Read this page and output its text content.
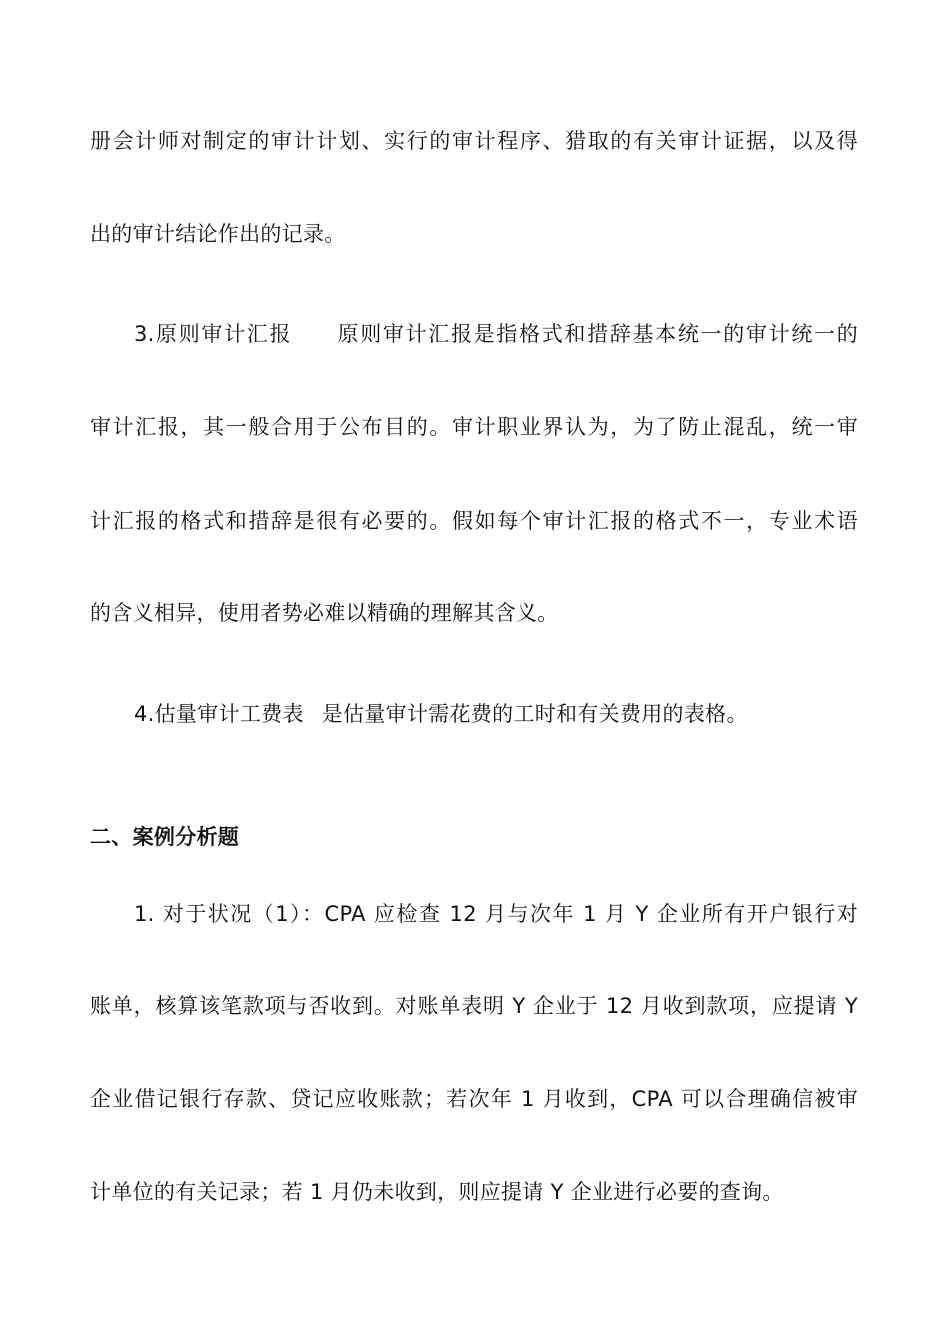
册会计师对制定的审计计划、实行的审计程序、猎取的有关审计证据，以及得
出的审计结论作出的记录。
3.原则审计汇报 原则审计汇报是指格式和措辞基本统一的审计统一的
审计汇报，其一般合用于公布目的。审计职业界认为，为了防止混乱，统一审
计汇报的格式和措辞是很有必要的。假如每个审计汇报的格式不一，专业术语
的含义相异，使用者势必难以精确的理解其含义。
4.估量审计工费表 是估量审计需花费的工时和有关费用的表格。
二、案例分析题
1. 对于状况（1）：CPA 应检查 12 月与次年 1 月 Y 企业所有开户银行对
账单，核算该笔款项与否收到。对账单表明 Y 企业于 12 月收到款项，应提请 Y
企业借记银行存款、贷记应收账款；若次年 1 月收到，CPA 可以合理确信被审
计单位的有关记录；若 1 月仍未收到，则应提请 Y 企业进行必要的查询。
